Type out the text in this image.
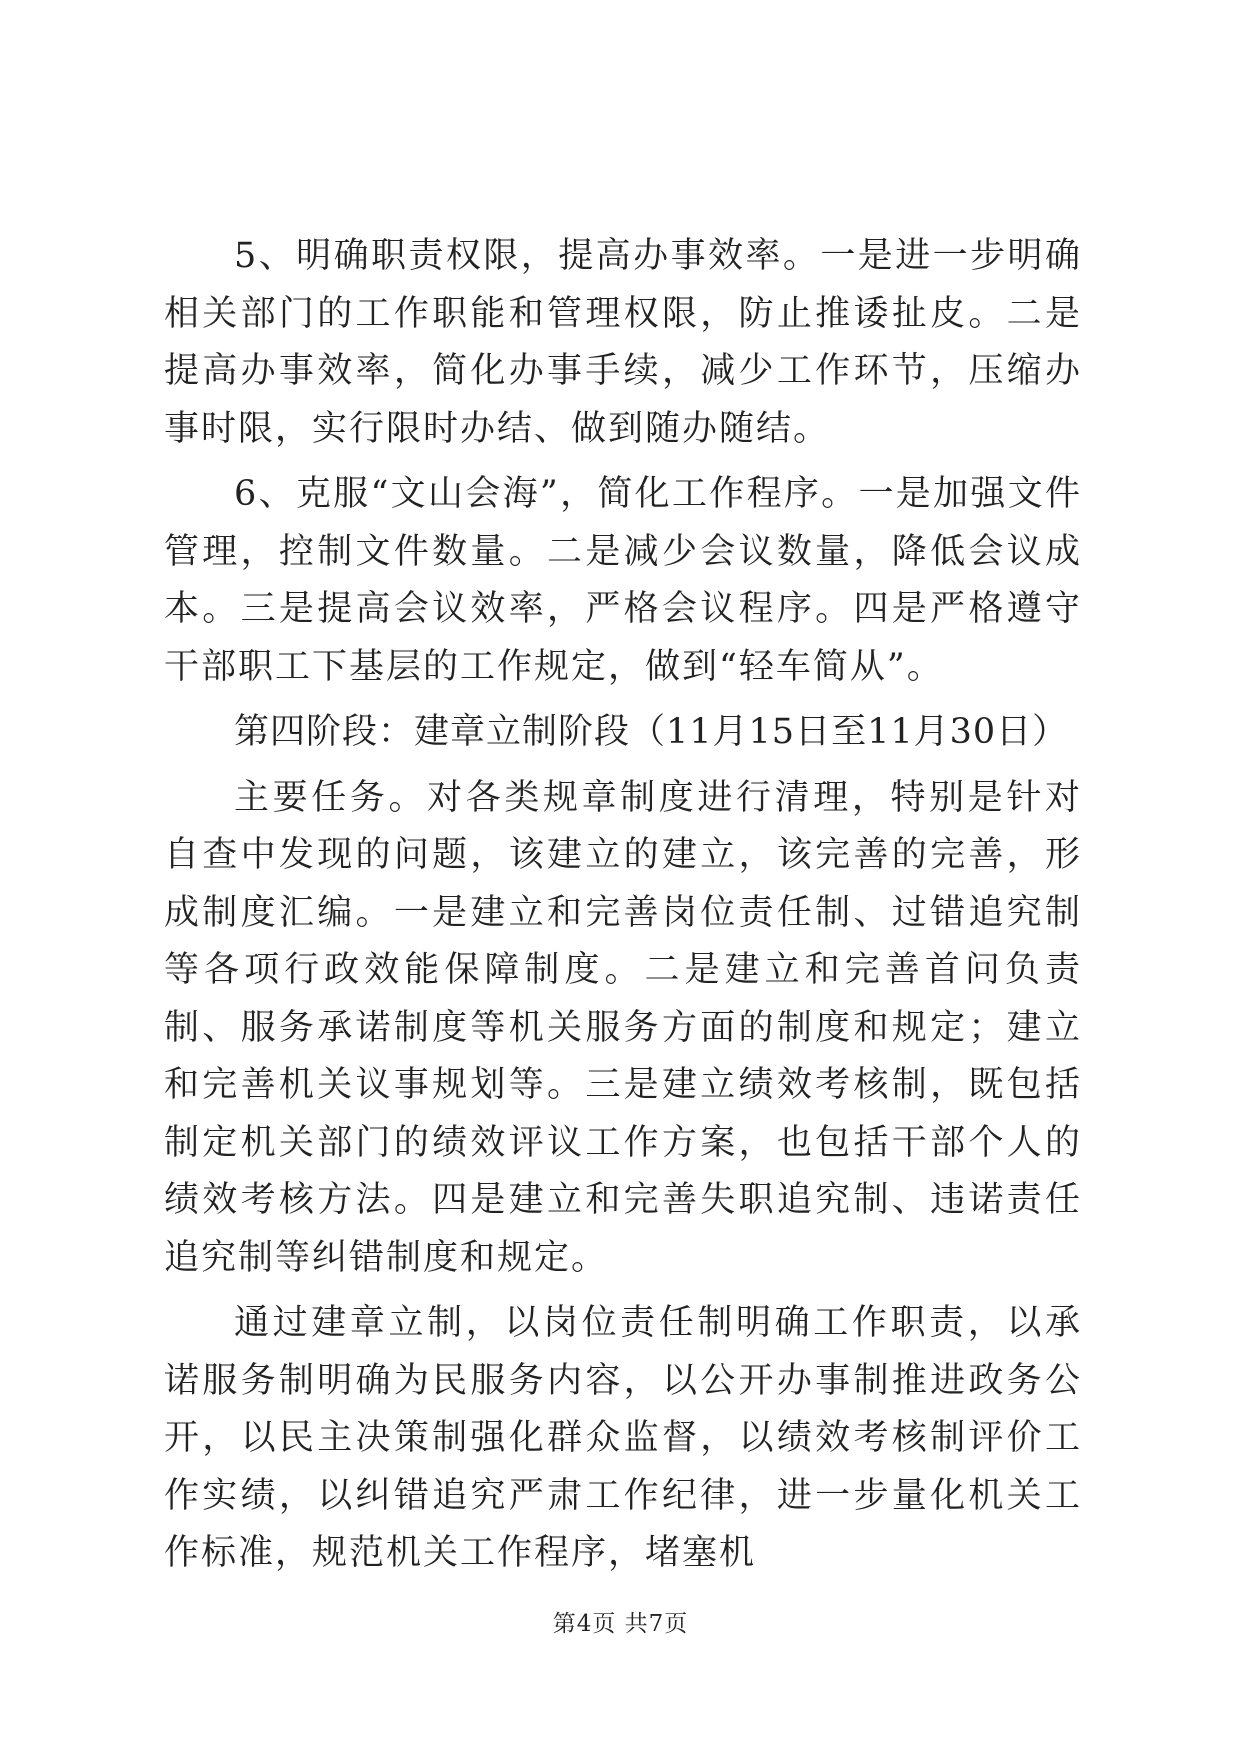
5、明确职责权限，提高办事效率。一是进一步明确相关部门的工作职能和管理权限，防止推诿扯皮。二是提高办事效率，简化办事手续，减少工作环节，压缩办事时限，实行限时办结、做到随办随结。

6、克服“文山会海”，简化工作程序。一是加强文件管理，控制文件数量。二是减少会议数量，降低会议成本。三是提高会议效率，严格会议程序。四是严格遵守干部职工下基层的工作规定，做到“轻车简从”。

第四阶段：建章立制阶段（11月15日至11月30日）

主要任务。对各类规章制度进行清理，特别是针对自查中发现的问题，该建立的建立，该完善的完善，形成制度汇编。一是建立和完善岗位责任制、过错追究制等各项行政效能保障制度。二是建立和完善首问负责制、服务承诺制度等机关服务方面的制度和规定；建立和完善机关议事规划等。三是建立绩效考核制，既包括制定机关部门的绩效评议工作方案，也包括干部个人的绩效考核方法。四是建立和完善失职追究制、违诺责任追究制等纠错制度和规定。

通过建章立制，以岗位责任制明确工作职责，以承诺服务制明确为民服务内容，以公开办事制推进政务公开，以民主决策制强化群众监督，以绩效考核制评价工作实绩，以纠错追究严肃工作纪律，进一步量化机关工作标准，规范机关工作程序，堵塞机

第4页 共7页
